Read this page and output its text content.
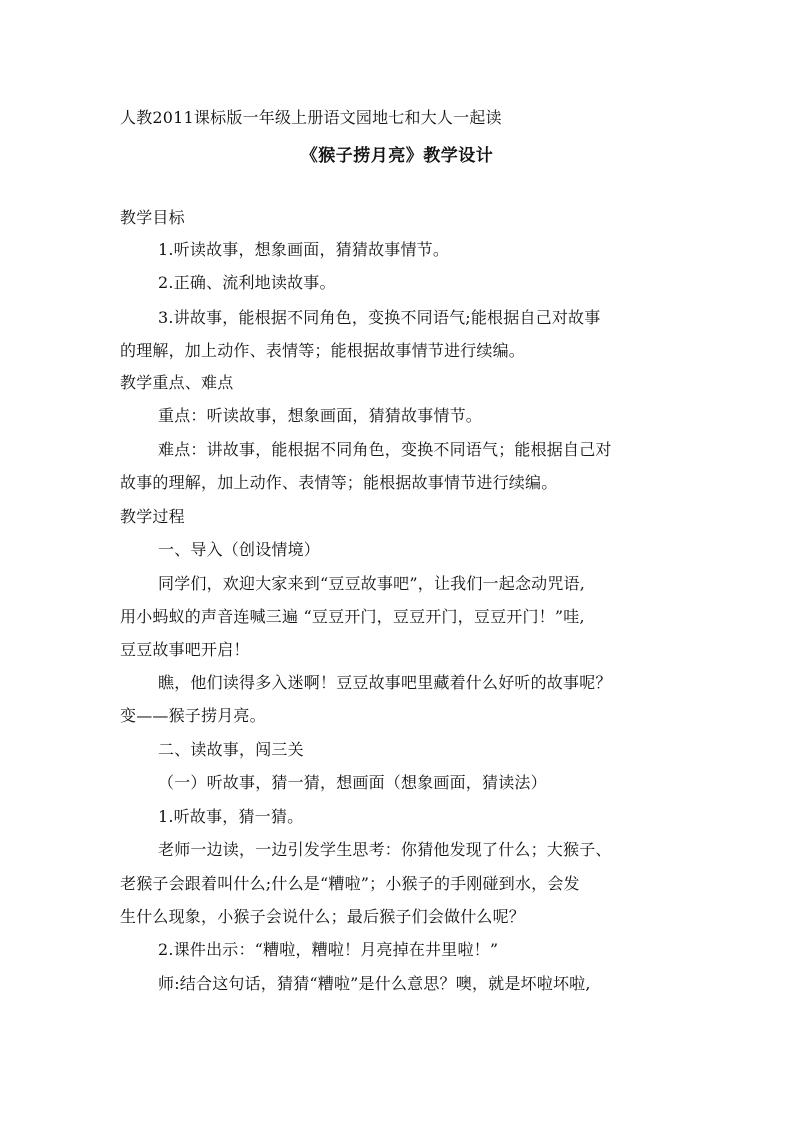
人教2011课标版一年级上册语文园地七和大人一起读
《猴子捞月亮》教学设计
教学目标
1.听读故事，想象画面，猜猜故事情节。
2.正确、流利地读故事。
3.讲故事，能根据不同角色，变换不同语气;能根据自己对故事
的理解，加上动作、表情等；能根据故事情节进行续编。
教学重点、难点
重点：听读故事，想象画面，猜猜故事情节。
难点：讲故事，能根据不同角色，变换不同语气；能根据自己对
故事的理解，加上动作、表情等；能根据故事情节进行续编。
教学过程
一、导入（创设情境）
同学们，欢迎大家来到“豆豆故事吧”，让我们一起念动咒语,
用小蚂蚁的声音连喊三遍 “豆豆开门，豆豆开门，豆豆开门！”哇,
豆豆故事吧开启！
瞧，他们读得多入迷啊！豆豆故事吧里藏着什么好听的故事呢？
变——猴子捞月亮。
二、读故事，闯三关
（一）听故事，猜一猜，想画面（想象画面，猜读法）
1.听故事，猜一猜。
老师一边读，一边引发学生思考：你猜他发现了什么；大猴子、
老猴子会跟着叫什么;什么是“糟啦”；小猴子的手刚碰到水，会发
生什么现象，小猴子会说什么；最后猴子们会做什么呢？
2.课件出示：“糟啦，糟啦！月亮掉在井里啦！”
师:结合这句话，猜猜“糟啦”是什么意思？噢，就是坏啦坏啦,
